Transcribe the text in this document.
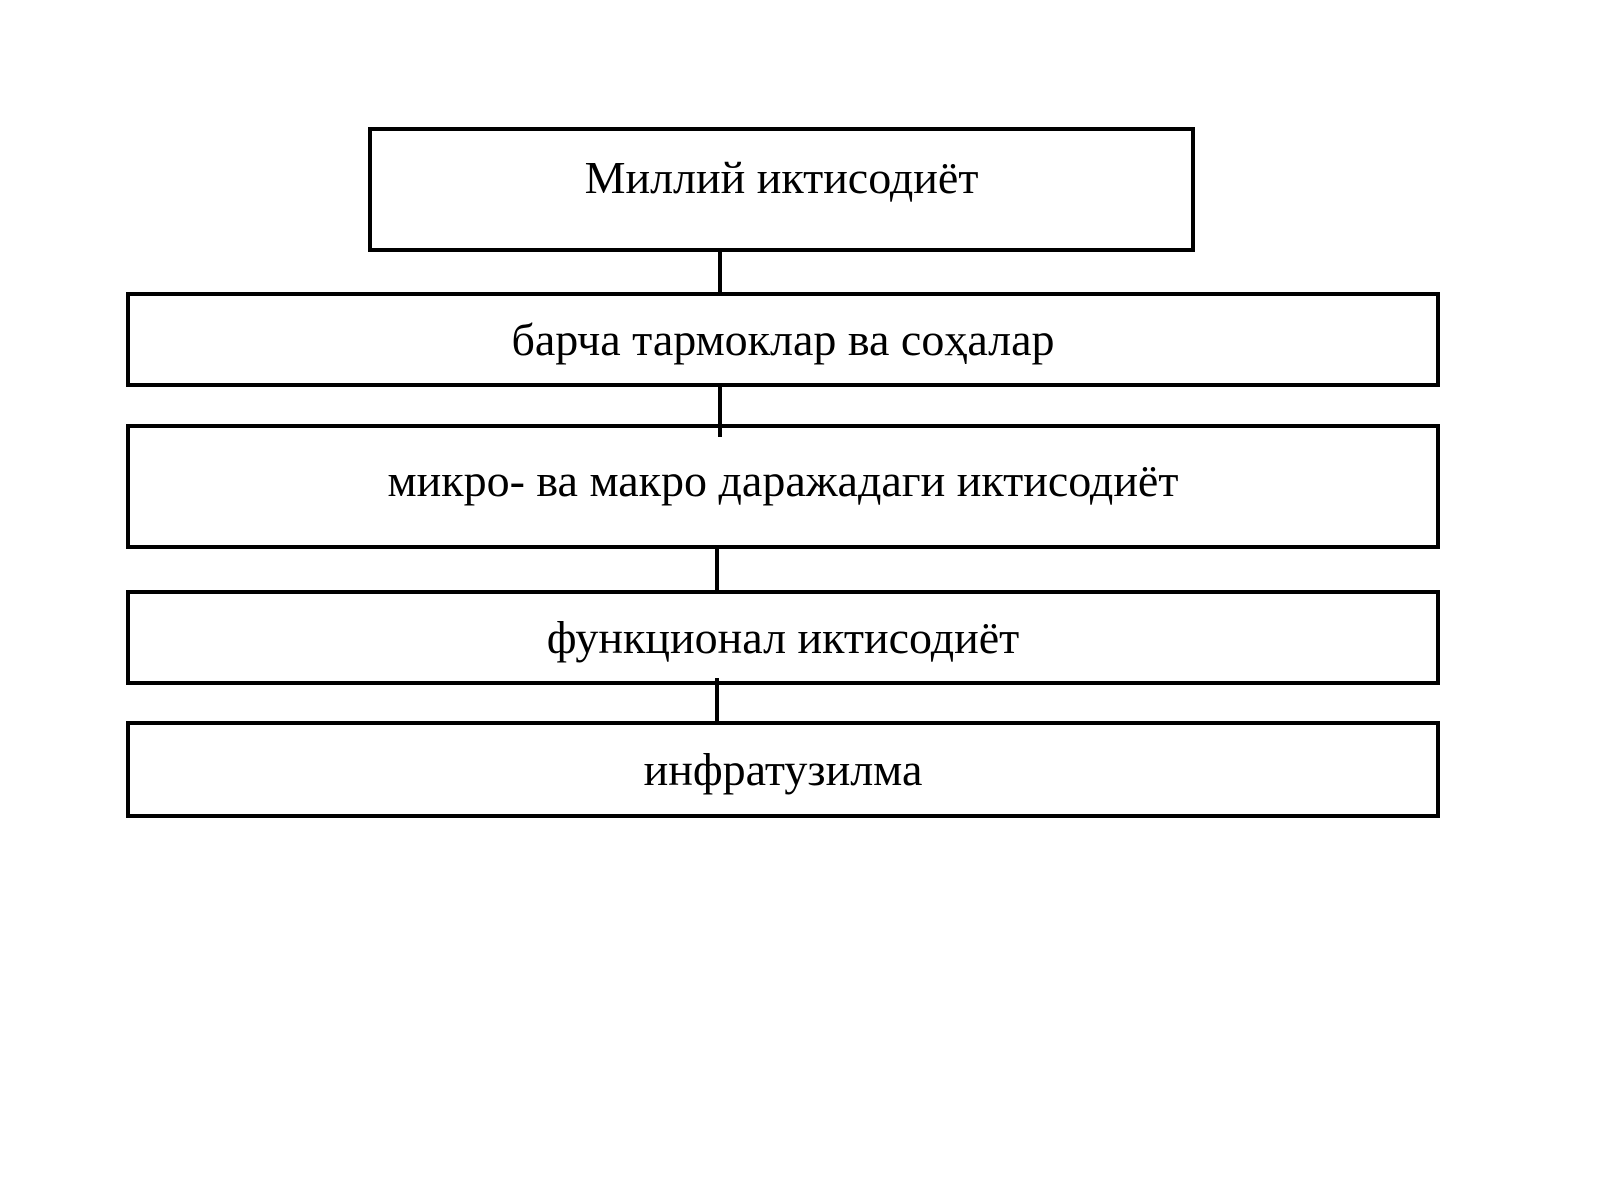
Миллий иктисодиёт
барча тармоклар ва соҳалар
микро- ва макро даражадаги иктисодиёт
функционал иктисодиёт
инфратузилма
